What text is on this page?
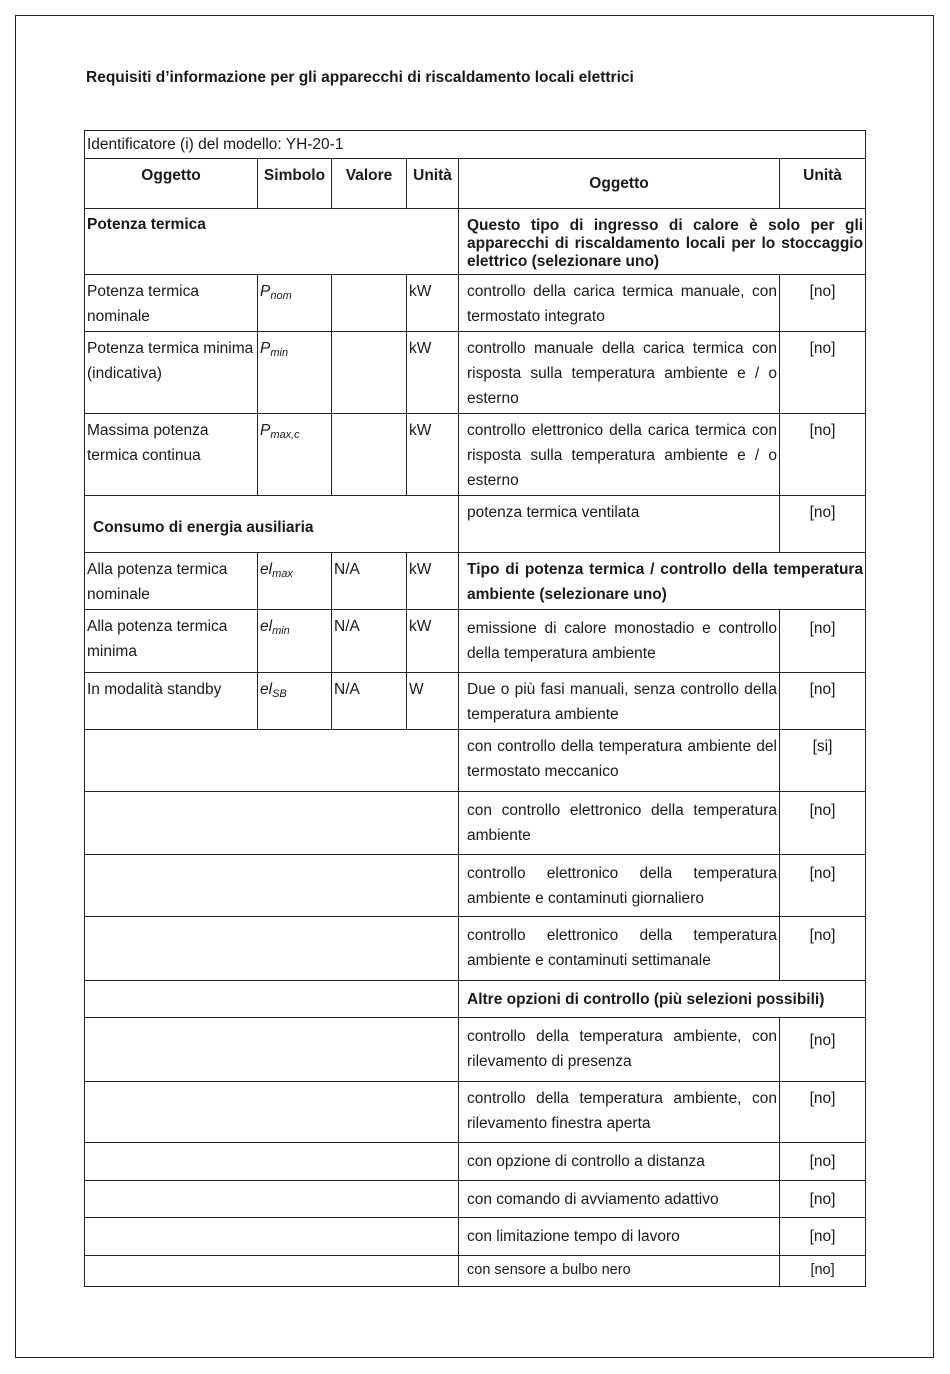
Requisiti d’informazione per gli apparecchi di riscaldamento locali elettrici
Identificatore (i) del modello: YH-20-1					
Oggetto	Simbolo	Valore	Unità	Oggetto	Unità
Potenza termica				Questo tipo di ingresso di calore è solo per gli apparecchi di riscaldamento locali per lo stoccaggio elettrico (selezionare uno)	
Potenza termica nominale	$P_{nom}$		kW	controllo della carica termica manuale, con termostato integrato	[no]
Potenza termica minima (indicativa)	$P_{min}$		kW	controllo manuale della carica termica con risposta sulla temperatura ambiente e / o esterno	[no]
Massima potenza termica continua	$P_{max,c}$		kW	controllo elettronico della carica termica con risposta sulla temperatura ambiente e / o esterno	[no]
Consumo di energia ausiliaria				potenza termica ventilata	[no]
Alla potenza termica nominale	$el_{max}$	N/A	kW	Tipo di potenza termica / controllo della temperatura ambiente (selezionare uno)	
Alla potenza termica minima	$el_{min}$	N/A	kW	emissione di calore monostadio e controllo della temperatura ambiente	[no]
In modalità standby	$el_{SB}$	N/A	W	Due o più fasi manuali, senza controllo della temperatura ambiente	[no]
				con controllo della temperatura ambiente del termostato meccanico	[si]
				con controllo elettronico della temperatura ambiente	[no]
				controllo elettronico della temperatura ambiente e contaminuti giornaliero	[no]
				controllo elettronico della temperatura ambiente e contaminuti settimanale	[no]
				Altre opzioni di controllo (più selezioni possibili)	
				controllo della temperatura ambiente, con rilevamento di presenza	[no]
				controllo della temperatura ambiente, con rilevamento finestra aperta	[no]
				con opzione di controllo a distanza	[no]
				con comando di avviamento adattivo	[no]
				con limitazione tempo di lavoro	[no]
				con sensore a bulbo nero	[no]
